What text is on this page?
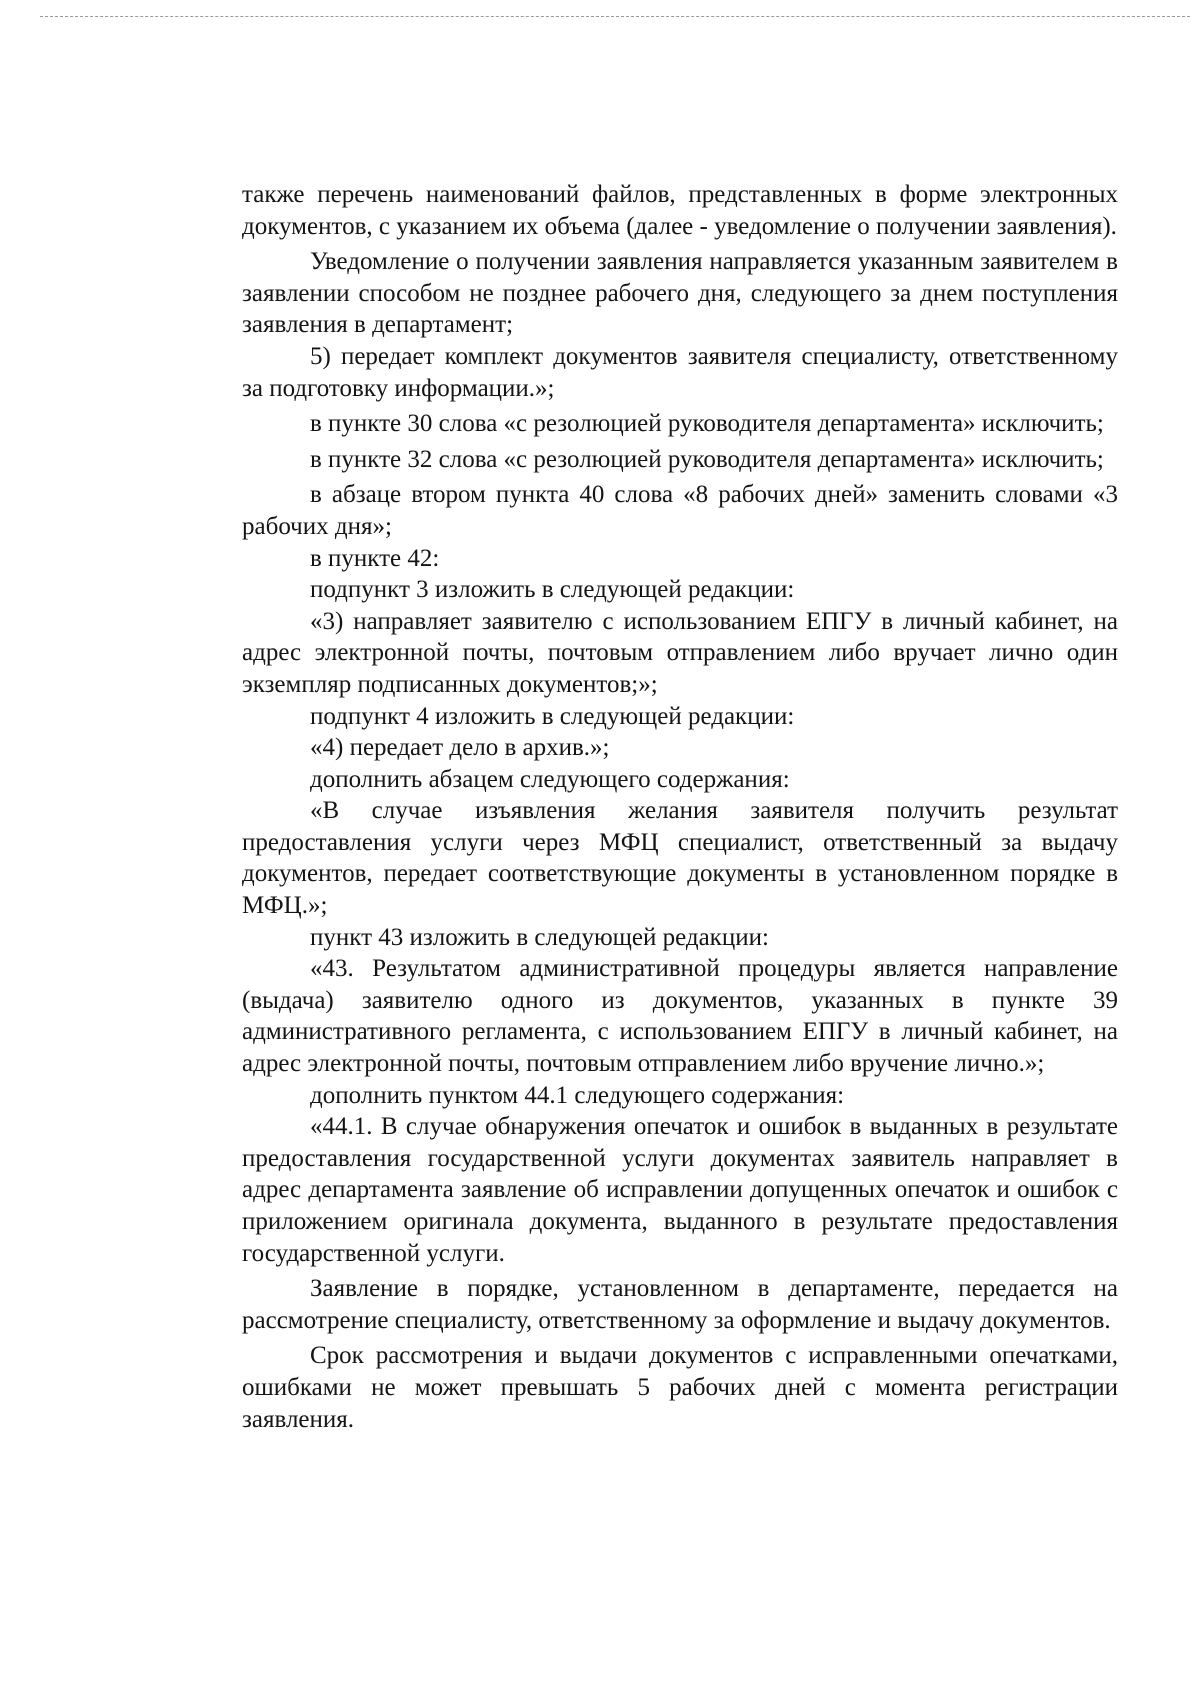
также перечень наименований файлов, представленных в форме электронных документов, с указанием их объема (далее - уведомление о получении заявления).

Уведомление о получении заявления направляется указанным заявителем в заявлении способом не позднее рабочего дня, следующего за днем поступления заявления в департамент;

5) передает комплект документов заявителя специалисту, ответственному за подготовку информации.»;

в пункте 30 слова «с резолюцией руководителя департамента» исключить;

в пункте 32 слова «с резолюцией руководителя департамента» исключить;

в абзаце втором пункта 40 слова «8 рабочих дней» заменить словами «3 рабочих дня»;

в пункте 42:

подпункт 3 изложить в следующей редакции:

«3) направляет заявителю с использованием ЕПГУ в личный кабинет, на адрес электронной почты, почтовым отправлением либо вручает лично один экземпляр подписанных документов;»;

подпункт 4 изложить в следующей редакции:

«4) передает дело в архив.»;

дополнить абзацем следующего содержания:

«В случае изъявления желания заявителя получить результат предоставления услуги через МФЦ специалист, ответственный за выдачу документов, передает соответствующие документы в установленном порядке в МФЦ.»;

пункт 43 изложить в следующей редакции:

«43. Результатом административной процедуры является направление (выдача) заявителю одного из документов, указанных в пункте 39 административного регламента, с использованием ЕПГУ в личный кабинет, на адрес электронной почты, почтовым отправлением либо вручение лично.»;

дополнить пунктом 44.1 следующего содержания:

«44.1. В случае обнаружения опечаток и ошибок в выданных в результате предоставления государственной услуги документах заявитель направляет в адрес департамента заявление об исправлении допущенных опечаток и ошибок с приложением оригинала документа, выданного в результате предоставления государственной услуги.

Заявление в порядке, установленном в департаменте, передается на рассмотрение специалисту, ответственному за оформление и выдачу документов.

Срок рассмотрения и выдачи документов с исправленными опечатками, ошибками не может превышать 5 рабочих дней с момента регистрации заявления.
